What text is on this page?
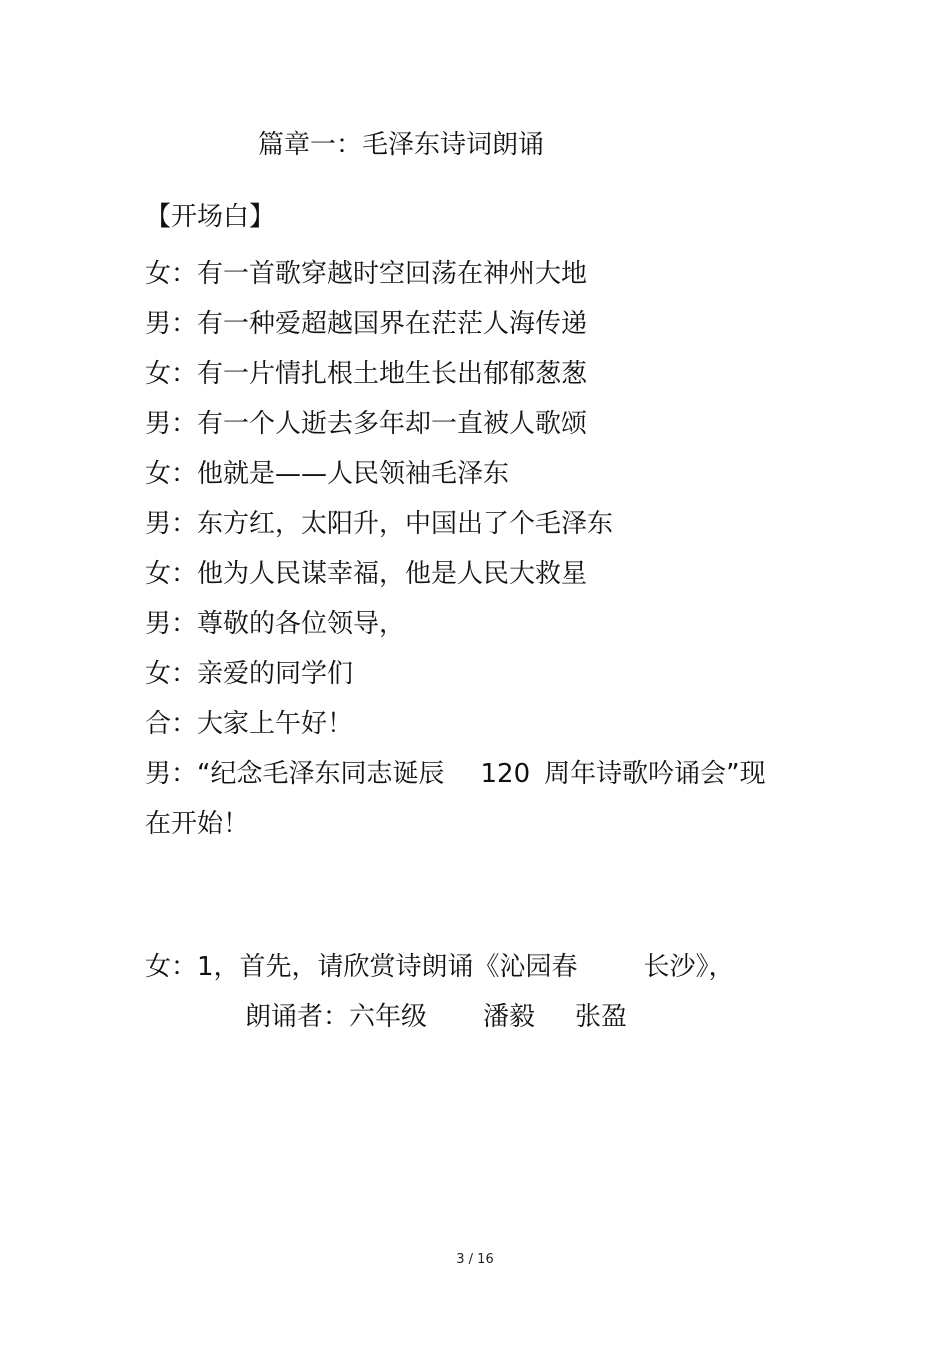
篇章一：毛泽东诗词朗诵
【开场白】
女：有一首歌穿越时空回荡在神州大地
男：有一种爱超越国界在茫茫人海传递
女：有一片情扎根土地生长出郁郁葱葱
男：有一个人逝去多年却一直被人歌颂
女：他就是——人民领袖毛泽东
男：东方红，太阳升，中国出了个毛泽东
女：他为人民谋幸福，他是人民大救星
男：尊敬的各位领导，
女：亲爱的同学们
合：大家上午好！
男：“纪念毛泽东同志诞辰 120 周年诗歌吟诵会”现
在开始！
女：1，首先，请欣赏诗朗诵《沁园春	长沙》，
朗诵者：六年级 潘毅 张盈
3 / 16
